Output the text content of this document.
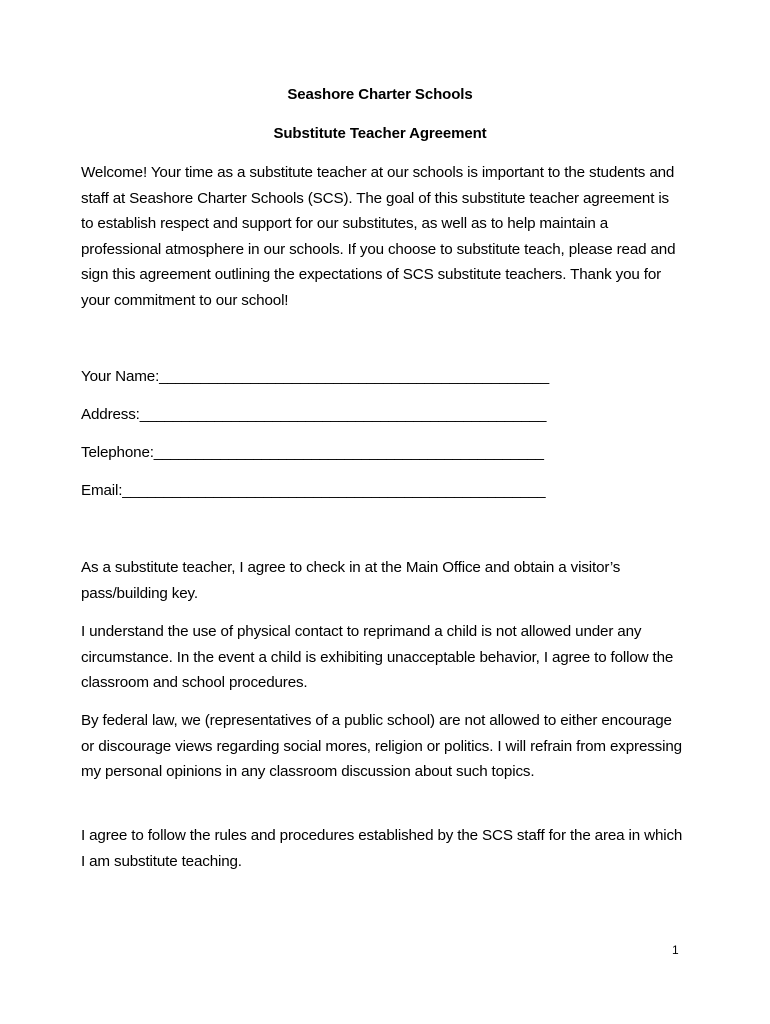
Seashore Charter Schools
Substitute Teacher Agreement
Welcome! Your time as a substitute teacher at our schools is important to the students and staff at Seashore Charter Schools (SCS). The goal of this substitute teacher agreement is to establish respect and support for our substitutes, as well as to help maintain a professional atmosphere in our schools. If you choose to substitute teach, please read and sign this agreement outlining the expectations of SCS substitute teachers. Thank you for your commitment to our school!
Your Name:_______________________________________________
Address:_________________________________________________
Telephone:_______________________________________________
Email:___________________________________________________
As a substitute teacher, I agree to check in at the Main Office and obtain a visitor’s pass/building key.
I understand the use of physical contact to reprimand a child is not allowed under any circumstance. In the event a child is exhibiting unacceptable behavior, I agree to follow the classroom and school procedures.
By federal law, we (representatives of a public school) are not allowed to either encourage or discourage views regarding social mores, religion or politics. I will refrain from expressing my personal opinions in any classroom discussion about such topics.
I agree to follow the rules and procedures established by the SCS staff for the area in which I am substitute teaching.
1
